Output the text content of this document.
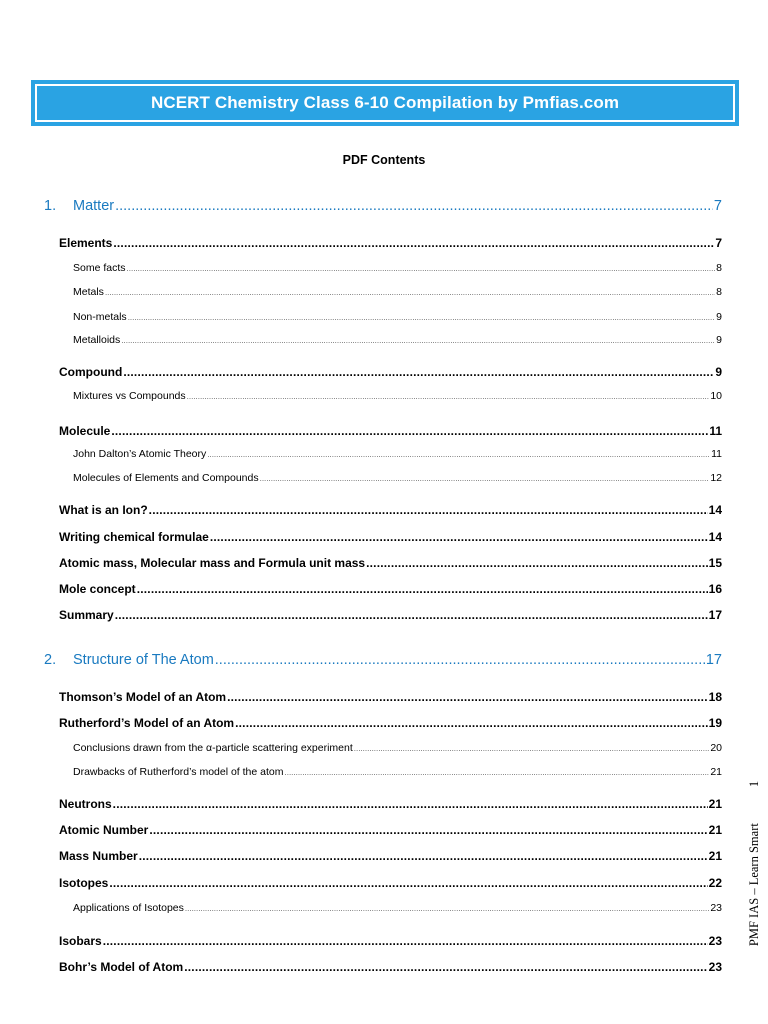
NCERT Chemistry Class 6-10 Compilation by Pmfias.com
PDF Contents
1. Matter .....	7
Elements .....	7
Some facts .....	8
Metals .....	8
Non-metals .....	9
Metalloids .....	9
Compound .....	9
Mixtures vs Compounds .....	10
Molecule .....	11
John Dalton’s Atomic Theory .....	11
Molecules of Elements and Compounds .....	12
What is an Ion? .....	14
Writing chemical formulae .....	14
Atomic mass, Molecular mass and Formula unit mass .....	15
Mole concept .....	16
Summary .....	17
2. Structure of The Atom .....	17
Thomson’s Model of an Atom .....	18
Rutherford’s Model of an Atom .....	19
Conclusions drawn from the α-particle scattering experiment .....	20
Drawbacks of Rutherford’s model of the atom .....	21
Neutrons .....	21
Atomic Number .....	21
Mass Number .....	21
Isotopes .....	22
Applications of Isotopes .....	23
Isobars .....	23
Bohr’s Model of Atom .....	23
PMF IAS – Learn Smart
1
